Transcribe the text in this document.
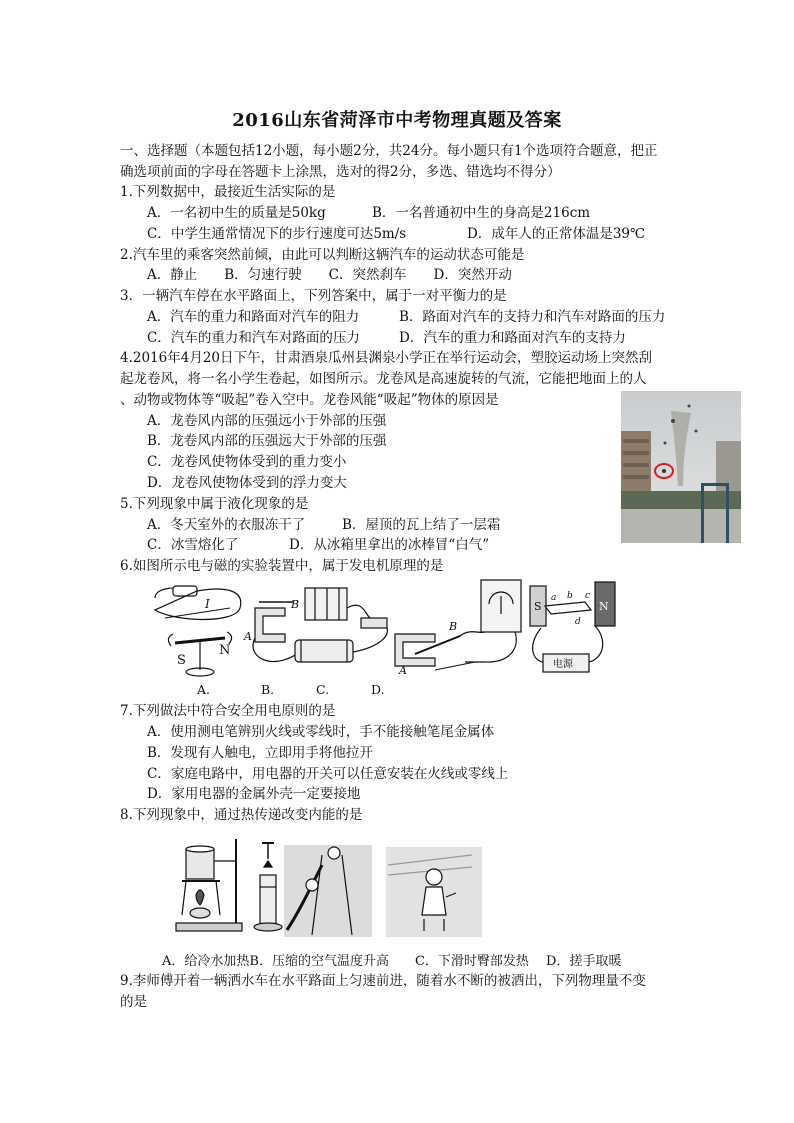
2016山东省菏泽市中考物理真题及答案
一、选择题（本题包括12小题，每小题2分，共24分。每小题只有1个选项符合题意，把正
确选项前面的字母在答题卡上涂黑，选对的得2分，多选、错选均不得分）
1.下列数据中，最接近生活实际的是
A．一名初中生的质量是50kg	B．一名普通初中生的身高是216cm
C．中学生通常情况下的步行速度可达5m/s	D．成年人的正常体温是39℃
2.汽车里的乘客突然前倾，由此可以判断这辆汽车的运动状态可能是
A．静止　　B．匀速行驶　　C．突然刹车　　D．突然开动
3．一辆汽车停在水平路面上，下列答案中，属于一对平衡力的是
A．汽车的重力和路面对汽车的阻力	B．路面对汽车的支持力和汽车对路面的压力
C．汽车的重力和汽车对路面的压力	D．汽车的重力和路面对汽车的支持力
4.2016年4月20日下午，甘肃酒泉瓜州县渊泉小学正在举行运动会，塑胶运动场上突然刮
起龙卷风，将一名小学生卷起，如图所示。龙卷风是高速旋转的气流，它能把地面上的人
、动物或物体等“吸起”卷入空中。龙卷风能“吸起”物体的原因是
A．龙卷风内部的压强远小于外部的压强
B．龙卷风内部的压强远大于外部的压强
C．龙卷风使物体受到的重力变小
D．龙卷风使物体受到的浮力变大
5.下列现象中属于液化现象的是
A．冬天室外的衣服冻干了	B．屋顶的瓦上结了一层霜
C．冰雪熔化了	D．从冰箱里拿出的冰棒冒“白气”
6.如图所示电与磁的实验装置中，属于发电机原理的是
I
S
N
A
B
B
A
S	N
电源
a b c
d
A.	B.	C.	D.
7.下列做法中符合安全用电原则的是
A．使用测电笔辨别火线或零线时，手不能接触笔尾金属体
B．发现有人触电，立即用手将他拉开
C．家庭电路中，用电器的开关可以任意安装在火线或零线上
D．家用电器的金属外壳一定要接地
8.下列现象中，通过热传递改变内能的是
A．给冷水加热B．压缩的空气温度升高　　C．下滑时臀部发热　 D．搓手取暖
9.李师傅开着一辆洒水车在水平路面上匀速前进，随着水不断的被洒出，下列物理量不变
的是
